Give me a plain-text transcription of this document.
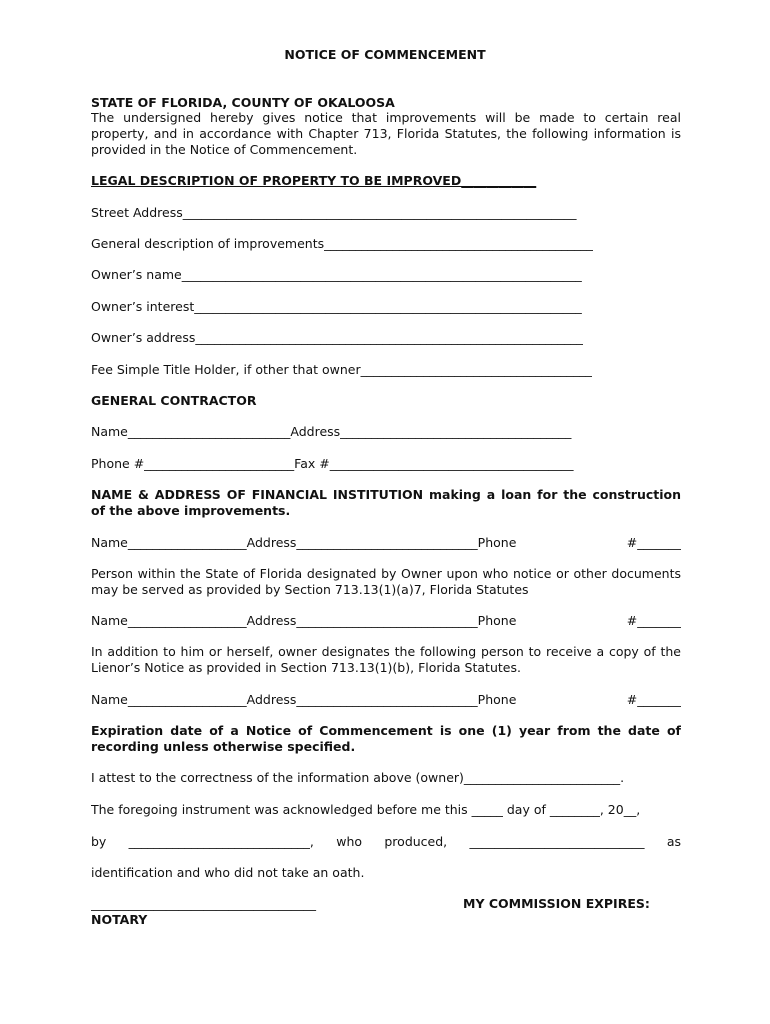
NOTICE OF COMMENCEMENT
STATE OF FLORIDA, COUNTY OF OKALOOSA
The undersigned hereby gives notice that improvements will be made to certain real
property, and in accordance with Chapter 713, Florida Statutes, the following information is
provided in the Notice of Commencement.
LEGAL DESCRIPTION OF PROPERTY TO BE IMPROVED____________
Street Address_______________________________________________________________
General description of improvements___________________________________________
Owner’s name________________________________________________________________
Owner’s interest______________________________________________________________
Owner’s address______________________________________________________________
Fee Simple Title Holder, if other that owner_____________________________________
GENERAL CONTRACTOR
Name__________________________Address_____________________________________
Phone #________________________Fax #_______________________________________
NAME & ADDRESS OF FINANCIAL INSTITUTION making a loan for the construction
of the above improvements.
Name___________________Address_____________________________Phone #_______
Person within the State of Florida designated by Owner upon who notice or other documents
may be served as provided by Section 713.13(1)(a)7, Florida Statutes
Name___________________Address_____________________________Phone #_______
In addition to him or herself, owner designates the following person to receive a copy of the
Lienor’s Notice as provided in Section 713.13(1)(b), Florida Statutes.
Name___________________Address_____________________________Phone #_______
Expiration date of a Notice of Commencement is one (1) year from the date of
recording unless otherwise specified.
I attest to the correctness of the information above (owner)_________________________.
The foregoing instrument was acknowledged before me this _____ day of ________, 20__,
by _____________________________, who produced, ____________________________ as
identification and who did not take an oath.
____________________________________	MY COMMISSION EXPIRES:
NOTARY
